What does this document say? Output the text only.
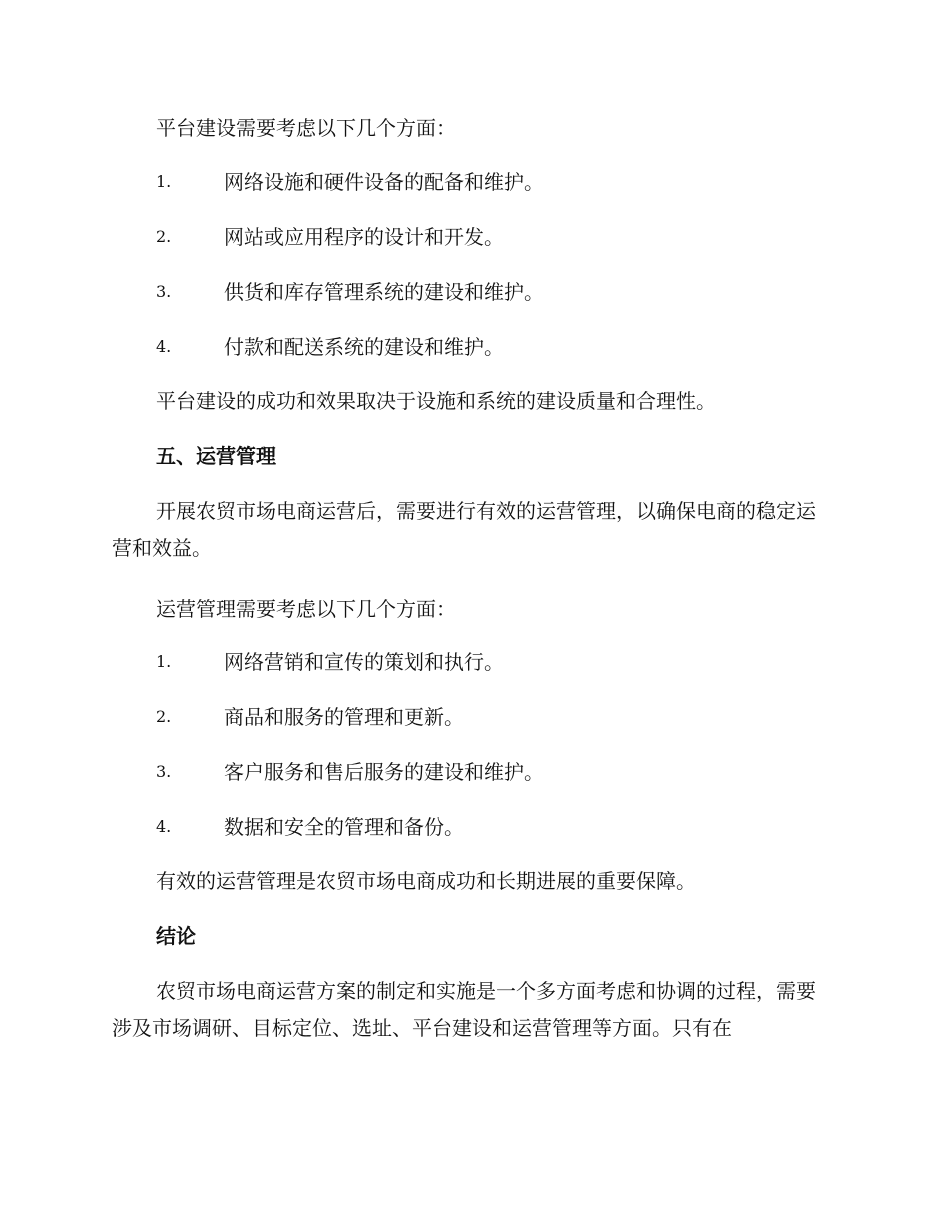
平台建设需要考虑以下几个方面：
1.	网络设施和硬件设备的配备和维护。
2.	网站或应用程序的设计和开发。
3.	供货和库存管理系统的建设和维护。
4.	付款和配送系统的建设和维护。
平台建设的成功和效果取决于设施和系统的建设质量和合理性。
五、运营管理
开展农贸市场电商运营后，需要进行有效的运营管理，以确保电商的稳定运营和效益。
运营管理需要考虑以下几个方面：
1.	网络营销和宣传的策划和执行。
2.	商品和服务的管理和更新。
3.	客户服务和售后服务的建设和维护。
4.	数据和安全的管理和备份。
有效的运营管理是农贸市场电商成功和长期进展的重要保障。
结论
农贸市场电商运营方案的制定和实施是一个多方面考虑和协调的过程，需要涉及市场调研、目标定位、选址、平台建设和运营管理等方面。只有在
